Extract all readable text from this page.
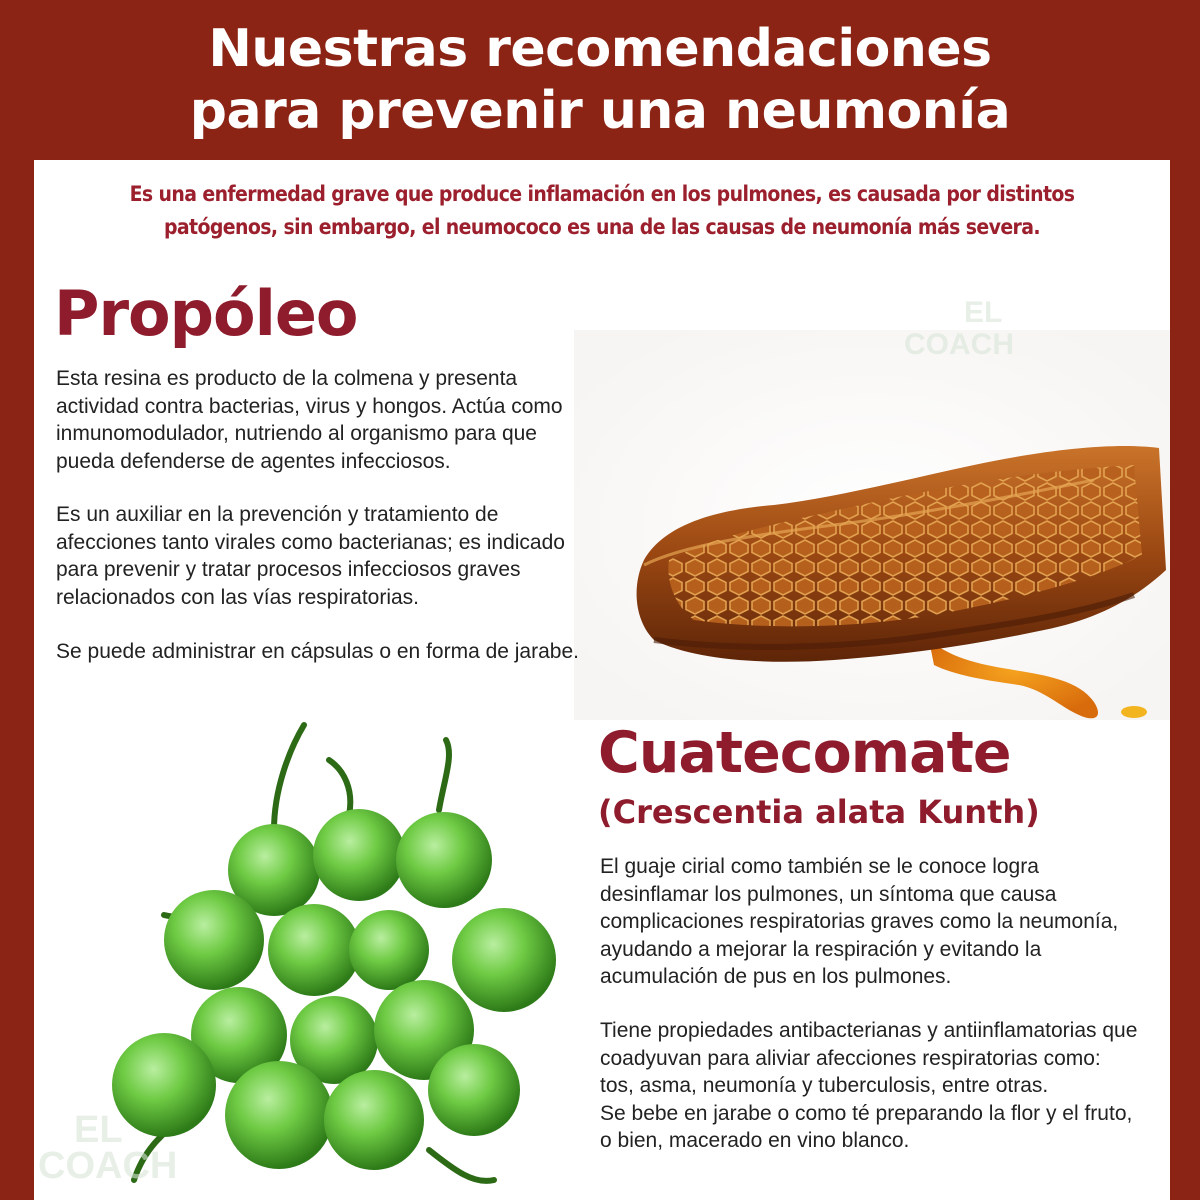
Nuestras recomendaciones
para prevenir una neumonía
Es una enfermedad grave que produce inflamación en los pulmones, es causada por distintos
patógenos, sin embargo, el neumococo es una de las causas de neumonía más severa.
EL
COACH
Propóleo

Esta resina es producto de la colmena y presenta actividad contra bacterias, virus y hongos. Actúa como inmunomodulador, nutriendo al organismo para que pueda defenderse de agentes infecciosos.

Es un auxiliar en la prevención y tratamiento de afecciones tanto virales como bacterianas; es indicado para prevenir y tratar procesos infecciosos graves relacionados con las vías respiratorias.

Se puede administrar en cápsulas o en forma de jarabe.

EL
COACH
Cuatecomate
(Crescentia alata Kunth)

El guaje cirial como también se le conoce logra desinflamar los pulmones, un síntoma que causa complicaciones respiratorias graves como la neumonía, ayudando a mejorar la respiración y evitando la acumulación de pus en los pulmones.

Tiene propiedades antibacterianas y antiinflamatorias que coadyuvan para aliviar afecciones respiratorias como: tos, asma, neumonía y tuberculosis, entre otras.
Se bebe en jarabe o como té preparando la flor y el fruto, o bien, macerado en vino blanco.
